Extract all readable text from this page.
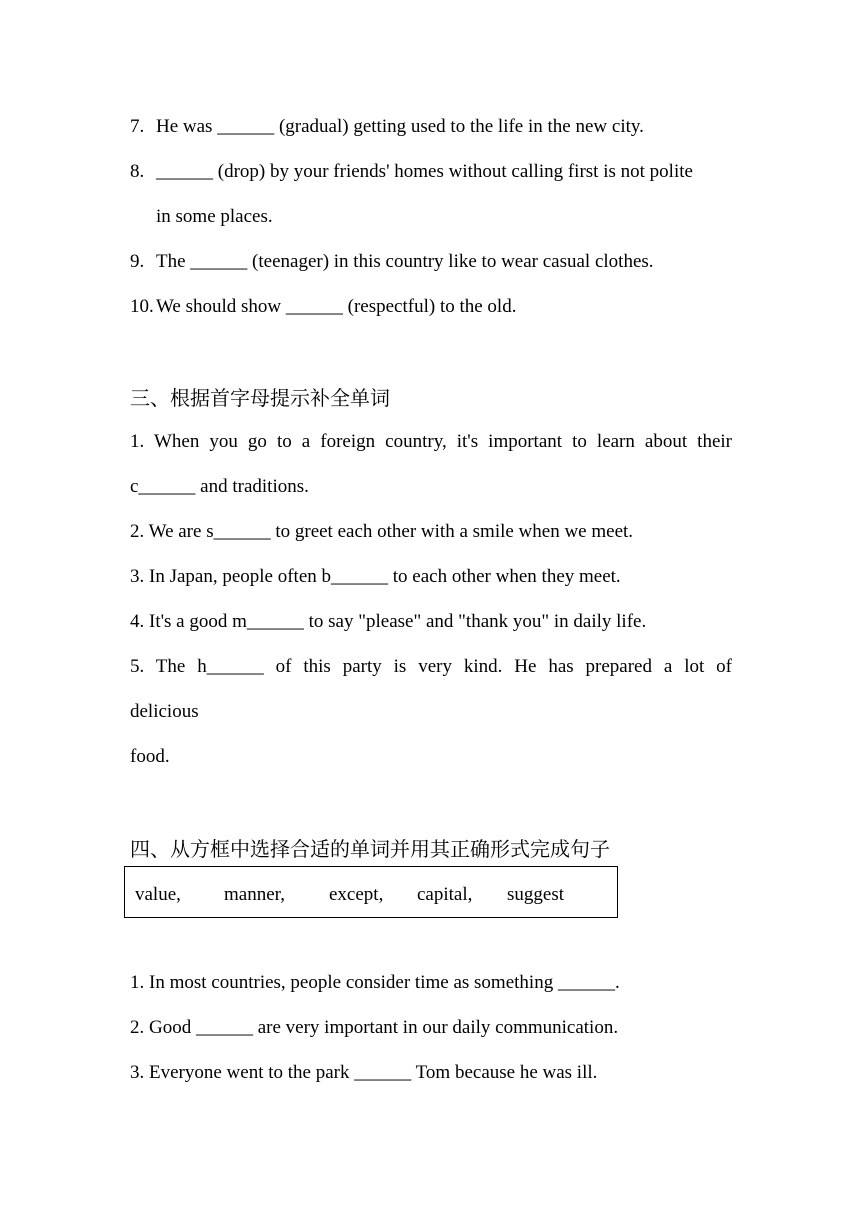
7. He was ______ (gradual) getting used to the life in the new city.
8. ______ (drop) by your friends' homes without calling first is not polite
in some places.
9. The ______ (teenager) in this country like to wear casual clothes.
10. We should show ______ (respectful) to the old.
三、根据首字母提示补全单词
1. When you go to a foreign country, it's important to learn about their
c______ and traditions.
2. We are s______ to greet each other with a smile when we meet.
3. In Japan, people often b______ to each other when they meet.
4. It's a good m______ to say "please" and "thank you" in daily life.
5. The h______ of this party is very kind. He has prepared a lot of
delicious
food.
四、从方框中选择合适的单词并用其正确形式完成句子
value, manner, except, capital, suggest
1. In most countries, people consider time as something ______.
2. Good ______ are very important in our daily communication.
3. Everyone went to the park ______ Tom because he was ill.
